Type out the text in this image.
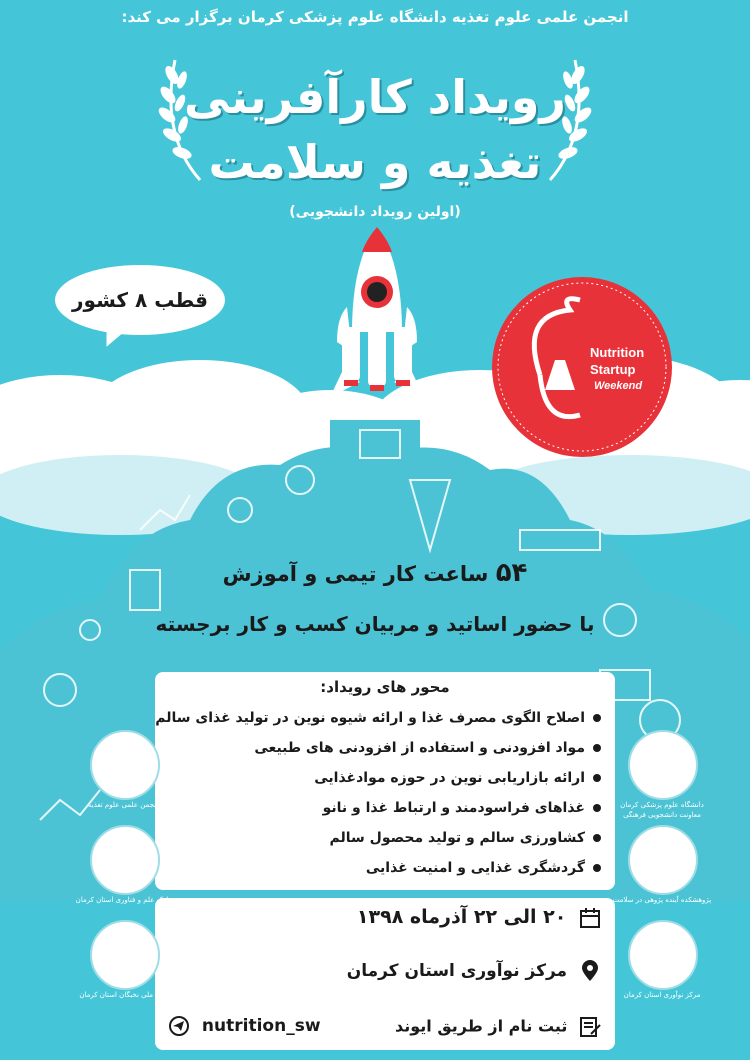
انجمن علمی علوم تغذیه دانشگاه علوم پزشکی کرمان برگزار می کند:
رویداد کارآفرینی
تغذیه و سلامت
(اولین رویداد دانشجویی)
قطب ۸ کشور
Nutrition
Startup
Weekend
۵۴ ساعت کار تیمی و آموزش
با حضور اساتید و مربیان کسب و کار برجسته
محور های رویداد:
اصلاح الگوی مصرف غذا و ارائه شیوه نوین در تولید غذای سالم
مواد افزودنی و استفاده از افزودنی های طبیعی
ارائه بازاریابی نوین در حوزه موادغذایی
غذاهای فراسودمند و ارتباط غذا و نانو
کشاورزی سالم و تولید محصول سالم
گردشگری غذایی و امنیت غذایی
۲۰ الی ۲۲ آذرماه ۱۳۹۸
مرکز نوآوری استان کرمان
ثبت نام از طریق ایوند
nutrition_sw
انجمن علمی علوم تغذیه
پارک علم و فناوری استان کرمان
بنیاد ملی نخبگان استان کرمان
دانشگاه علوم پزشکی کرمان معاونت دانشجویی فرهنگی
پژوهشکده آینده پژوهی در سلامت
مرکز نوآوری استان کرمان
